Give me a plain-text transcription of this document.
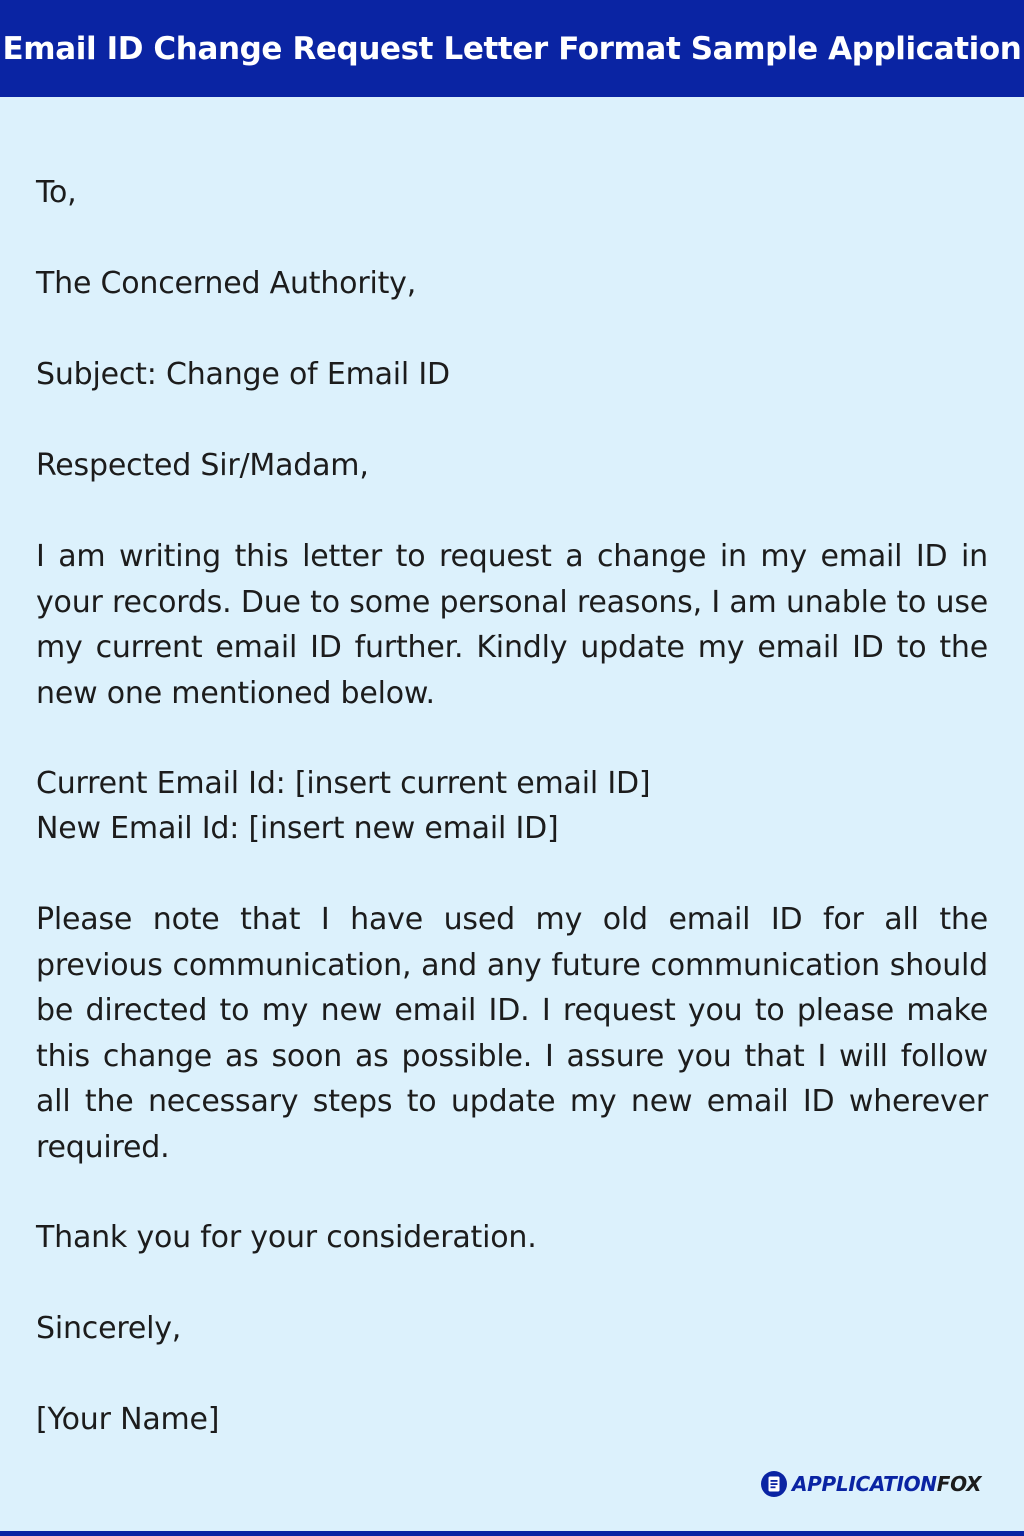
Email ID Change Request Letter Format Sample Application

To,

The Concerned Authority,

Subject: Change of Email ID

Respected Sir/Madam,

I am writing this letter to request a change in my email ID in your records. Due to some personal reasons, I am unable to use my current email ID further. Kindly update my email ID to the new one mentioned below.

Current Email Id: [insert current email ID]

New Email Id: [insert new email ID]

Please note that I have used my old email ID for all the previous communication, and any future communication should be directed to my new email ID. I request you to please make this change as soon as possible. I assure you that I will follow all the necessary steps to update my new email ID wherever required.

Thank you for your consideration.

Sincerely,

[Your Name]

APPLICATIONFOX
